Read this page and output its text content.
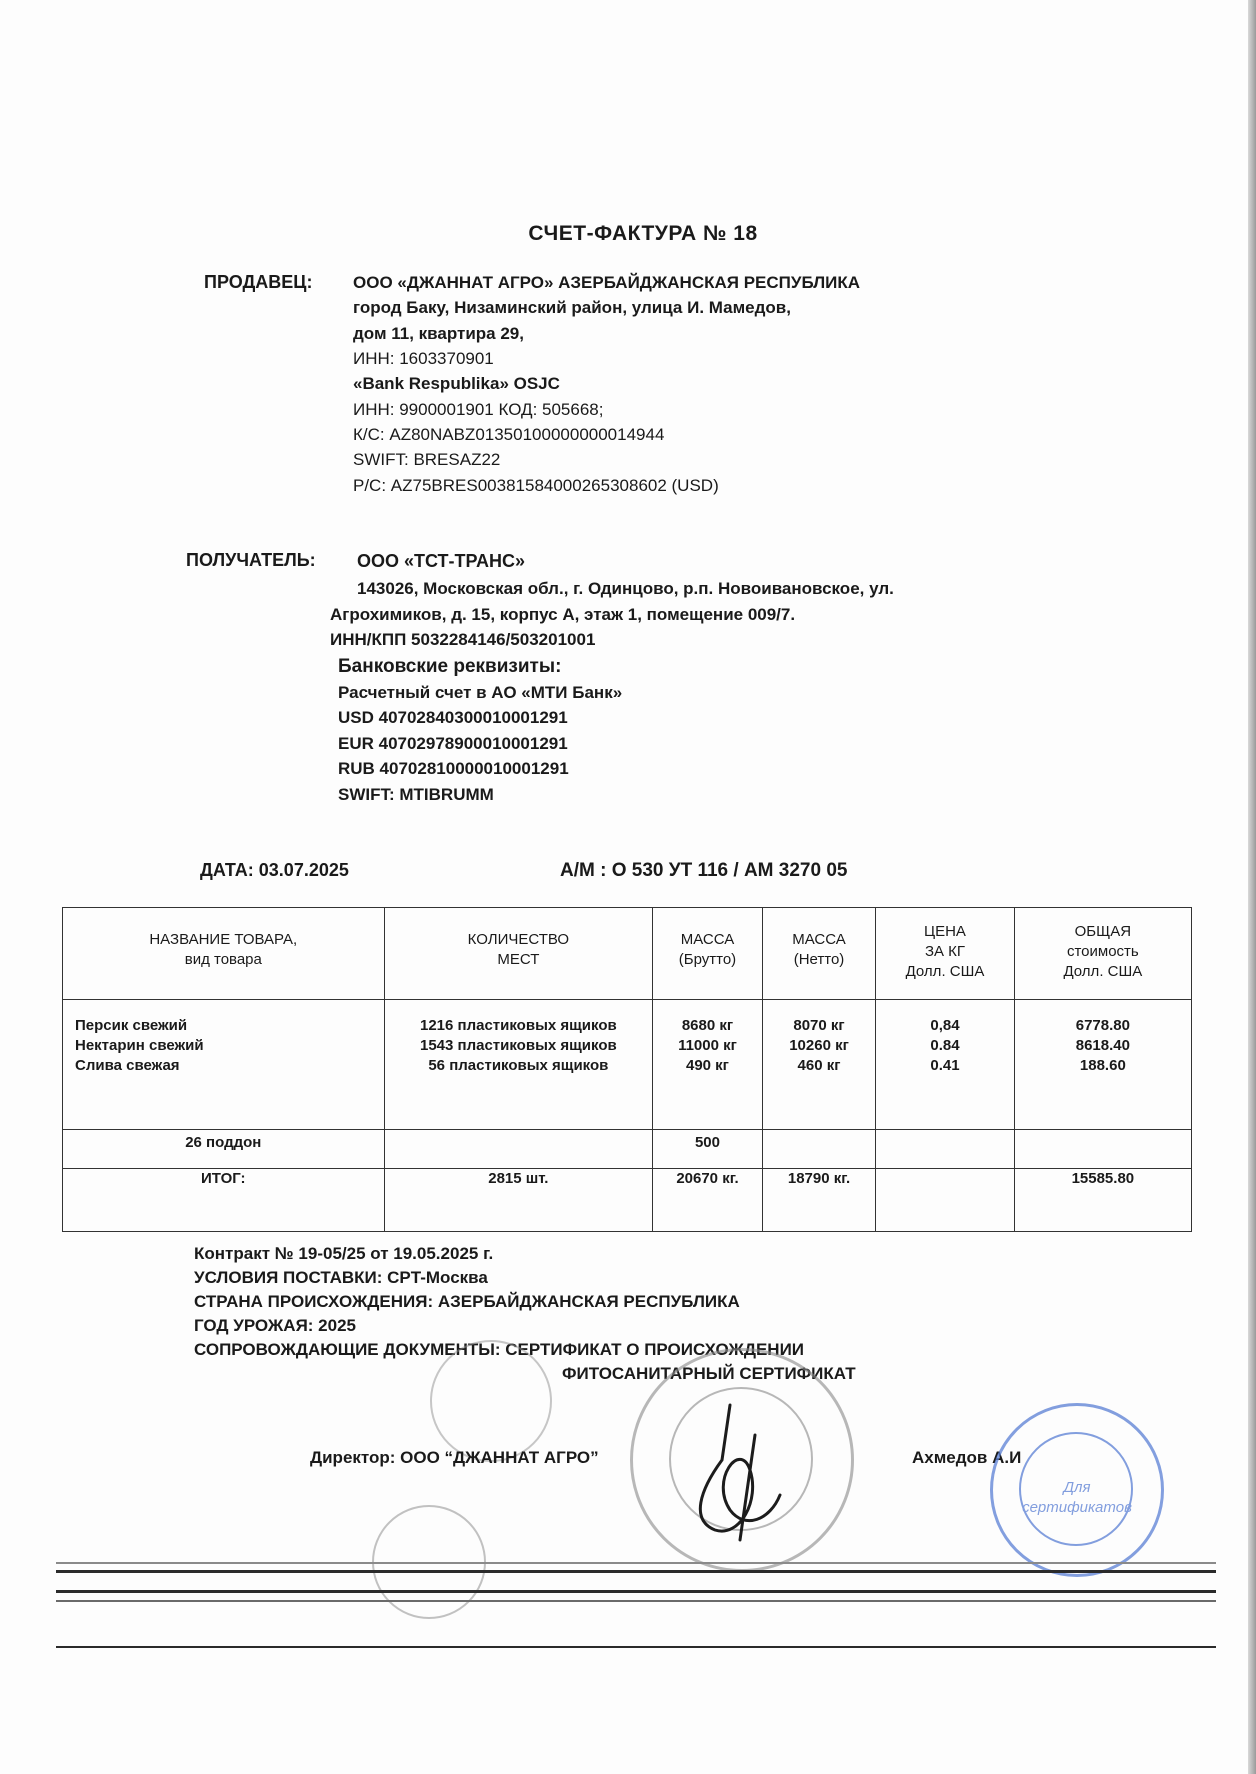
СЧЕТ-ФАКТУРА № 18
ПРОДАВЕЦ: ООО «ДЖАННАТ АГРО» АЗЕРБАЙДЖАНСКАЯ РЕСПУБЛИКА
город Баку, Низаминский район, улица И. Мамедов,
дом 11, квартира 29,
ИНН: 1603370901
«Bank Respublika» OSJC
ИНН: 9900001901 КОД: 505668;
К/С: AZ80NABZ01350100000000014944
SWIFT: BRESAZ22
Р/С: AZ75BRES00381584000265308602 (USD)
ПОЛУЧАТЕЛЬ: ООО «ТСТ-ТРАНС»
143026, Московская обл., г. Одинцово, р.п. Новоивановское, ул.
Агрохимиков, д. 15, корпус А, этаж 1, помещение 009/7.
ИНН/КПП 5032284146/503201001
Банковские реквизиты:
Расчетный счет в АО «МТИ Банк»
USD 40702840300010001291
EUR 40702978900010001291
RUB 40702810000010001291
SWIFT: MTIBRUMM
ДАТА: 03.07.2025	А/М : О 530 УТ 116 / АМ 3270 05
НАЗВАНИЕ ТОВАРА,
вид товара	КОЛИЧЕСТВО
МЕСТ	МАССА
(Брутто)	МАССА
(Нетто)	ЦЕНА
ЗА КГ
Долл. США	ОБЩАЯ
стоимость
Долл. США

Персик свежий
Нектарин свежий
Слива свежая	1216 пластиковых ящиков
1543 пластиковых ящиков
56 пластиковых ящиков	8680 кг
11000 кг
490 кг	8070 кг
10260 кг
460 кг	0,84
0.84
0.41	6778.80
8618.40
188.60

26 поддон		500			
ИТОГ:	2815 шт.	20670 кг.	18790 кг.		15585.80
Контракт № 19-05/25 от 19.05.2025 г.
УСЛОВИЯ ПОСТАВКИ: CPT-Москва
СТРАНА ПРОИСХОЖДЕНИЯ: АЗЕРБАЙДЖАНСКАЯ РЕСПУБЛИКА
ГОД УРОЖАЯ: 2025
СОПРОВОЖДАЮЩИЕ ДОКУМЕНТЫ: СЕРТИФИКАТ О ПРОИСХОЖДЕНИИ
ФИТОСАНИТАРНЫЙ СЕРТИФИКАТ
Директор: ООО “ДЖАННАТ АГРО”	Ахмедов А.И
Для
сертификатов
